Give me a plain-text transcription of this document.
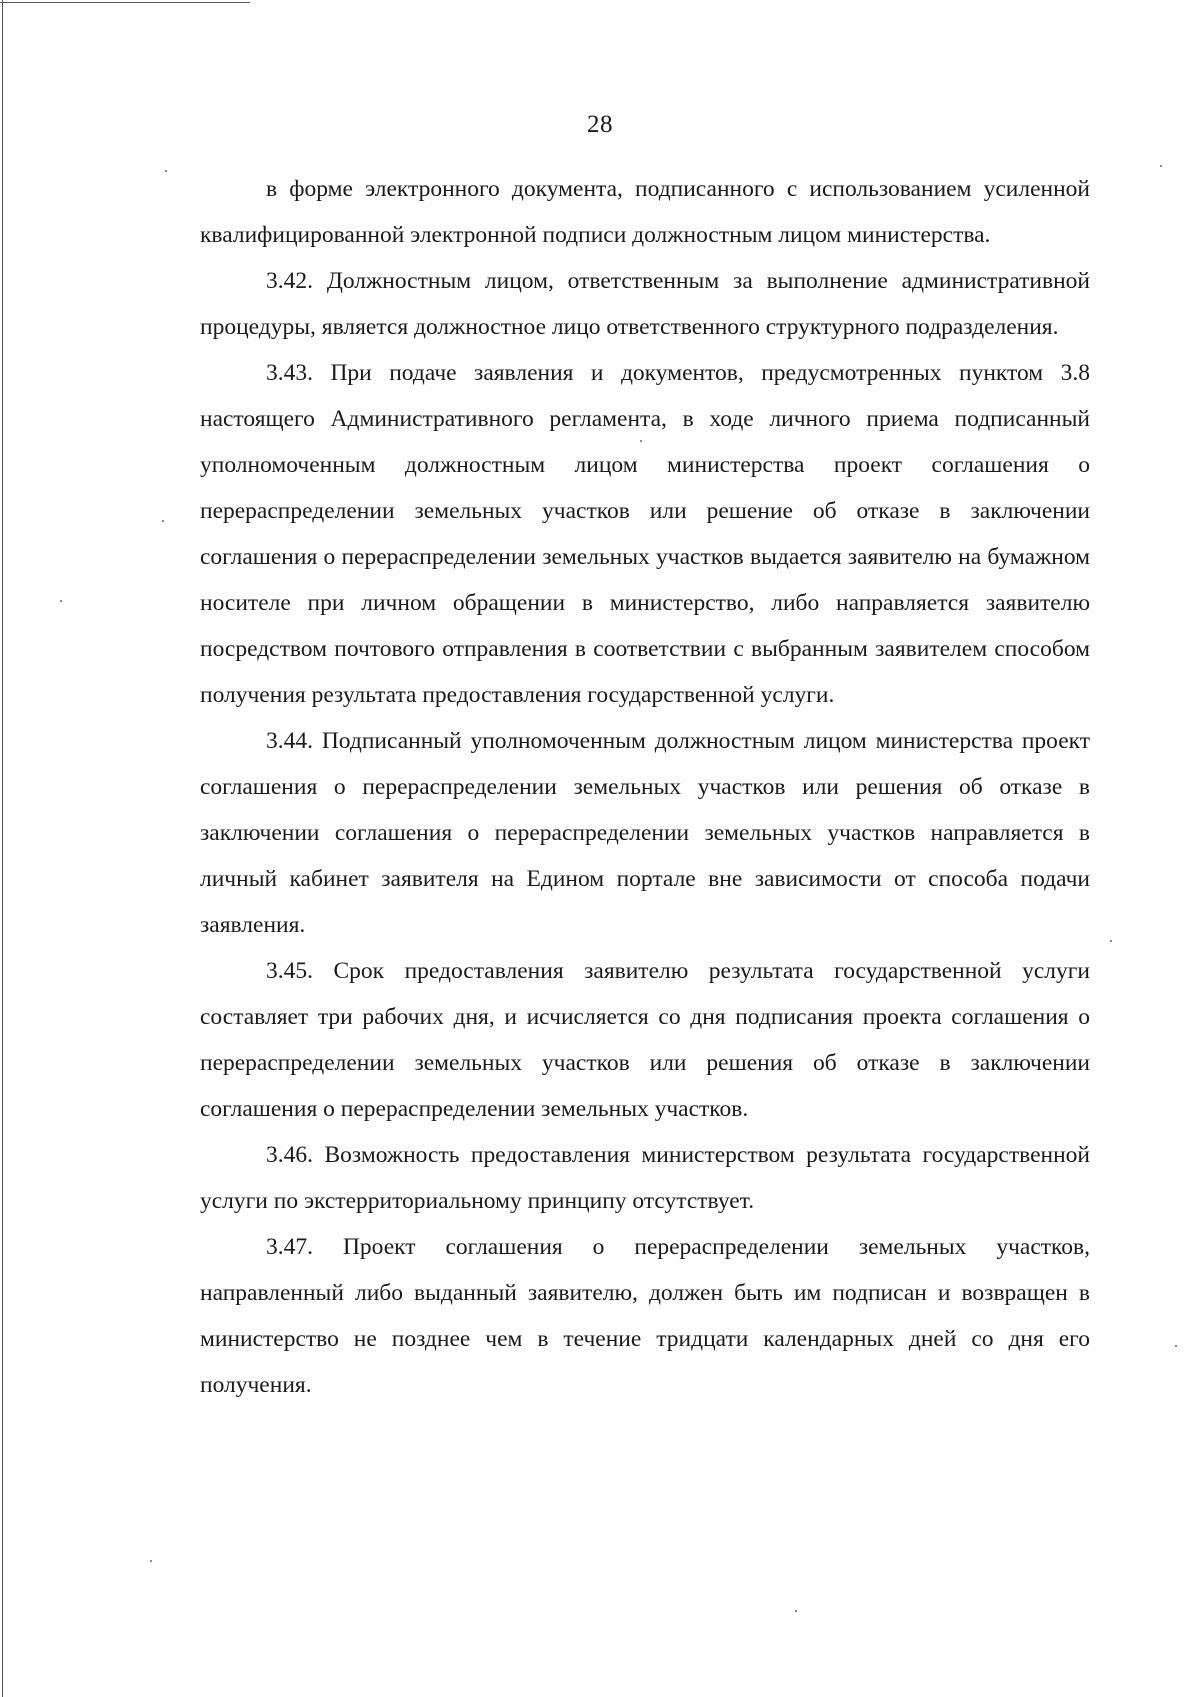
28

в форме электронного документа, подписанного с использованием усиленной квалифицированной электронной подписи должностным лицом министерства.

3.42. Должностным лицом, ответственным за выполнение административной процедуры, является должностное лицо ответственного структурного подразделения.

3.43. При подаче заявления и документов, предусмотренных пунктом 3.8 настоящего Административного регламента, в ходе личного приема подписанный уполномоченным должностным лицом министерства проект соглашения о перераспределении земельных участков или решение об отказе в заключении соглашения о перераспределении земельных участков выдается заявителю на бумажном носителе при личном обращении в министерство, либо направляется заявителю посредством почтового отправления в соответствии с выбранным заявителем способом получения результата предоставления государственной услуги.

3.44. Подписанный уполномоченным должностным лицом министерства проект соглашения о перераспределении земельных участков или решения об отказе в заключении соглашения о перераспределении земельных участков направляется в личный кабинет заявителя на Едином портале вне зависимости от способа подачи заявления.

3.45. Срок предоставления заявителю результата государственной услуги составляет три рабочих дня, и исчисляется со дня подписания проекта соглашения о перераспределении земельных участков или решения об отказе в заключении соглашения о перераспределении земельных участков.

3.46. Возможность предоставления министерством результата государственной услуги по экстерриториальному принципу отсутствует.

3.47. Проект соглашения о перераспределении земельных участков, направленный либо выданный заявителю, должен быть им подписан и возвращен в министерство не позднее чем в течение тридцати календарных дней со дня его получения.
